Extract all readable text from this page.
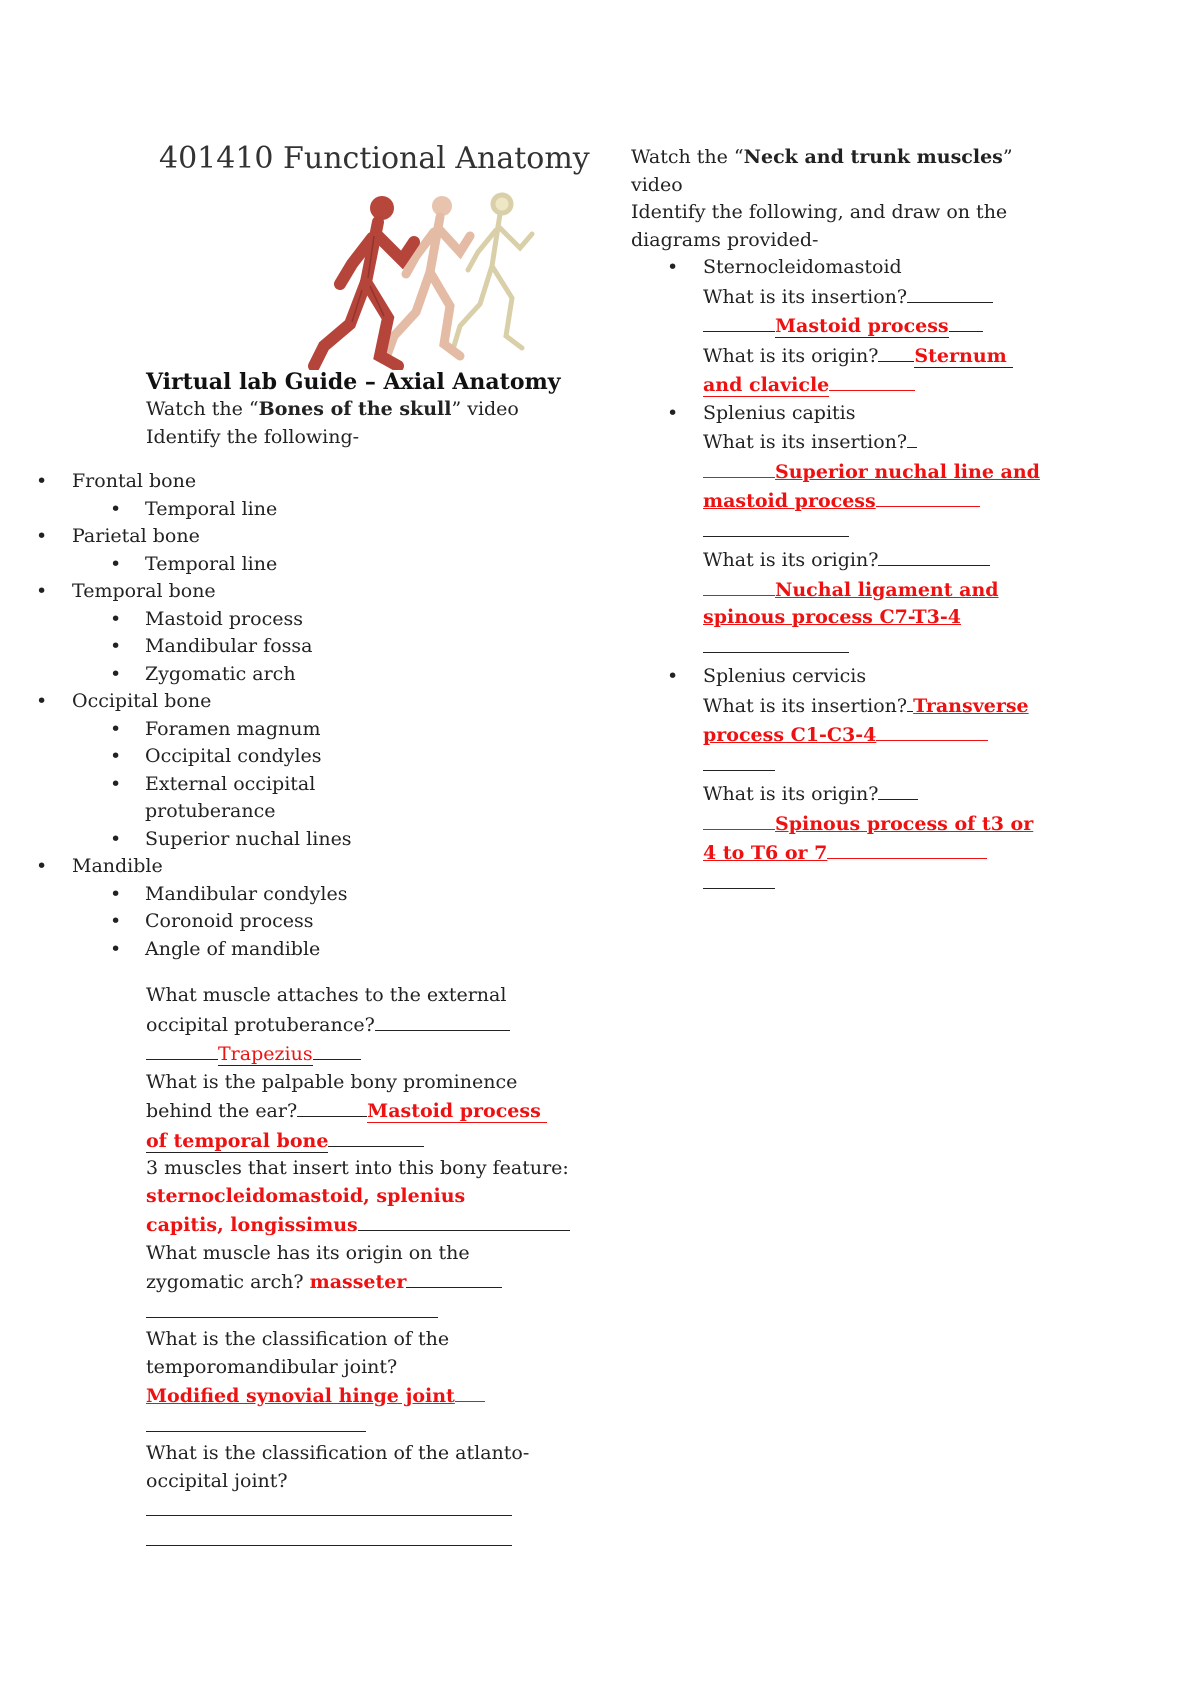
401410 Functional Anatomy
Virtual lab Guide – Axial Anatomy
Watch the “Bones of the skull” video
Identify the following-
• Frontal bone
• Temporal line
• Parietal bone
• Temporal line
• Temporal bone
• Mastoid process
• Mandibular fossa
• Zygomatic arch
• Occipital bone
• Foramen magnum
• Occipital condyles
• External occipital
protuberance
• Superior nuchal lines
• Mandible
• Mandibular condyles
• Coronoid process
• Angle of mandible
What muscle attaches to the external
occipital protuberance?
Trapezius
What is the palpable bony prominence
behind the ear?	Mastoid process
of temporal bone
3 muscles that insert into this bony feature:
sternocleidomastoid, splenius
capitis, longissimus
What muscle has its origin on the
zygomatic arch? masseter
What is the classification of the
temporomandibular joint?
Modified synovial hinge joint
What is the classification of the atlanto-
occipital joint?
Watch the “Neck and trunk muscles”
video
Identify the following, and draw on the
diagrams provided-
• Sternocleidomastoid
What is its insertion?
Mastoid process
What is its origin? Sternum
and clavicle
• Splenius capitis
What is its insertion?
Superior nuchal line and
mastoid process
What is its origin?
Nuchal ligament and
spinous process C7-T3-4
• Splenius cervicis
What is its insertion? Transverse
process C1-C3-4
What is its origin?
Spinous process of t3 or
4 to T6 or 7
